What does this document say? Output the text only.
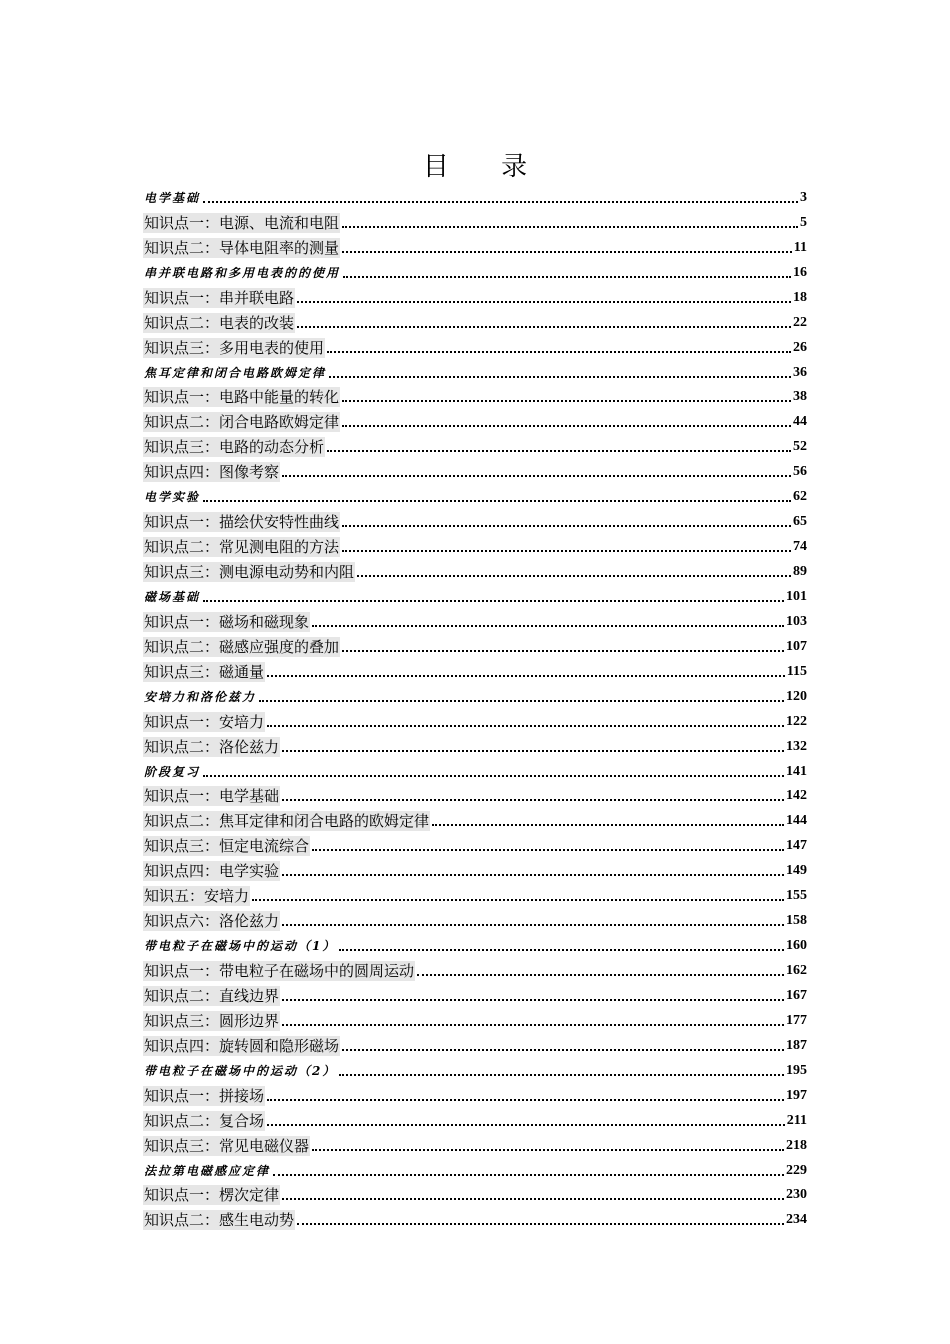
目 录
电学基础	3
知识点一：电源、电流和电阻	5
知识点二：导体电阻率的测量	11
串并联电路和多用电表的的使用	16
知识点一：串并联电路	18
知识点二：电表的改装	22
知识点三：多用电表的使用	26
焦耳定律和闭合电路欧姆定律	36
知识点一：电路中能量的转化	38
知识点二：闭合电路欧姆定律	44
知识点三：电路的动态分析	52
知识点四：图像考察	56
电学实验	62
知识点一：描绘伏安特性曲线	65
知识点二：常见测电阻的方法	74
知识点三：测电源电动势和内阻	89
磁场基础	101
知识点一：磁场和磁现象	103
知识点二：磁感应强度的叠加	107
知识点三：磁通量	115
安培力和洛伦兹力	120
知识点一：安培力	122
知识点二：洛伦兹力	132
阶段复习	141
知识点一：电学基础	142
知识点二：焦耳定律和闭合电路的欧姆定律	144
知识点三：恒定电流综合	147
知识点四：电学实验	149
知识五：安培力	155
知识点六：洛伦兹力	158
带电粒子在磁场中的运动（1）	160
知识点一：带电粒子在磁场中的圆周运动	162
知识点二：直线边界	167
知识点三：圆形边界	177
知识点四：旋转圆和隐形磁场	187
带电粒子在磁场中的运动（2）	195
知识点一：拼接场	197
知识点二：复合场	211
知识点三：常见电磁仪器	218
法拉第电磁感应定律	229
知识点一：楞次定律	230
知识点二：感生电动势	234
